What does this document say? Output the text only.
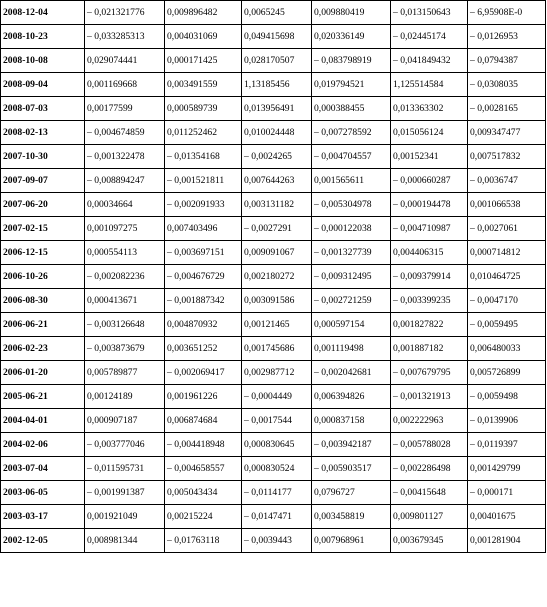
2008-12-04	– 0,021321776	0,009896482	0,0065245	0,009880419	– 0,013150643	– 6,95908E-0
2008-10-23	– 0,033285313	0,004031069	0,049415698	0,020336149	– 0,02445174	– 0,0126953
2008-10-08	0,029074441	0,000171425	0,028170507	– 0,083798919	– 0,041849432	– 0,0794387
2008-09-04	0,001169668	0,003491559	1,13185456	0,019794521	1,125514584	– 0,0308035
2008-07-03	0,00177599	0,000589739	0,013956491	0,000388455	0,013363302	– 0,0028165
2008-02-13	– 0,004674859	0,011252462	0,010024448	– 0,007278592	0,015056124	0,009347477
2007-10-30	– 0,001322478	– 0,01354168	– 0,0024265	– 0,004704557	0,00152341	0,007517832
2007-09-07	– 0,008894247	– 0,001521811	0,007644263	0,001565611	– 0,000660287	– 0,0036747
2007-06-20	0,00034664	– 0,002091933	0,003131182	– 0,005304978	– 0,000194478	0,001066538
2007-02-15	0,001097275	0,007403496	– 0,0027291	– 0,000122038	– 0,004710987	– 0,0027061
2006-12-15	0,000554113	– 0,003697151	0,009091067	– 0,001327739	0,004406315	0,000714812
2006-10-26	– 0,002082236	– 0,004676729	0,002180272	– 0,009312495	– 0,009379914	0,010464725
2006-08-30	0,000413671	– 0,001887342	0,003091586	– 0,002721259	– 0,003399235	– 0,0047170
2006-06-21	– 0,003126648	0,004870932	0,00121465	0,000597154	0,001827822	– 0,0059495
2006-02-23	– 0,003873679	0,003651252	0,001745686	0,001119498	0,001887182	0,006480033
2006-01-20	0,005789877	– 0,002069417	0,002987712	– 0,002042681	– 0,007679795	0,005726899
2005-06-21	0,00124189	0,001961226	– 0,0004449	0,006394826	– 0,001321913	– 0,0059498
2004-04-01	0,000907187	0,006874684	– 0,0017544	0,000837158	0,002222963	– 0,0139906
2004-02-06	– 0,003777046	– 0,004418948	0,000830645	– 0,003942187	– 0,005788028	– 0,0119397
2003-07-04	– 0,011595731	– 0,004658557	0,000830524	– 0,005903517	– 0,002286498	0,001429799
2003-06-05	– 0,001991387	0,005043434	– 0,0114177	0,0796727	– 0,00415648	– 0,000171
2003-03-17	0,001921049	0,00215224	– 0,0147471	0,003458819	0,009801127	0,00401675
2002-12-05	0,008981344	– 0,01763118	– 0,0039443	0,007968961	0,003679345	0,001281904
